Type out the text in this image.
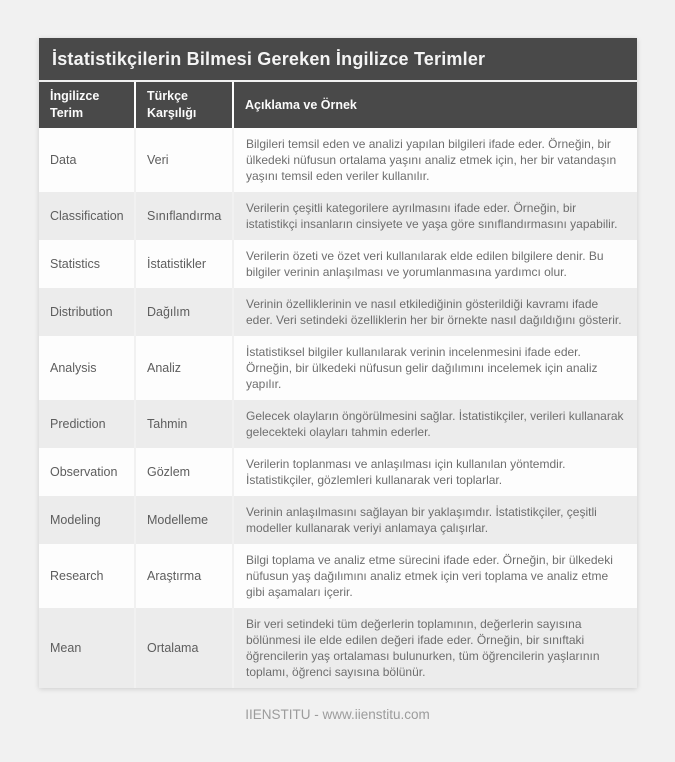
İstatistikçilerin Bilmesi Gereken İngilizce Terimler
İngilizce Terim	Türkçe Karşılığı	Açıklama ve Örnek
Data	Veri	Bilgileri temsil eden ve analizi yapılan bilgileri ifade eder. Örneğin, bir ülkedeki nüfusun ortalama yaşını analiz etmek için, her bir vatandaşın yaşını temsil eden veriler kullanılır.
Classification	Sınıflandırma	Verilerin çeşitli kategorilere ayrılmasını ifade eder. Örneğin, bir istatistikçi insanların cinsiyete ve yaşa göre sınıflandırmasını yapabilir.
Statistics	İstatistikler	Verilerin özeti ve özet veri kullanılarak elde edilen bilgilere denir. Bu bilgiler verinin anlaşılması ve yorumlanmasına yardımcı olur.
Distribution	Dağılım	Verinin özelliklerinin ve nasıl etkilediğinin gösterildiği kavramı ifade eder. Veri setindeki özelliklerin her bir örnekte nasıl dağıldığını gösterir.
Analysis	Analiz	İstatistiksel bilgiler kullanılarak verinin incelenmesini ifade eder. Örneğin, bir ülkedeki nüfusun gelir dağılımını incelemek için analiz yapılır.
Prediction	Tahmin	Gelecek olayların öngörülmesini sağlar. İstatistikçiler, verileri kullanarak gelecekteki olayları tahmin ederler.
Observation	Gözlem	Verilerin toplanması ve anlaşılması için kullanılan yöntemdir. İstatistikçiler, gözlemleri kullanarak veri toplarlar.
Modeling	Modelleme	Verinin anlaşılmasını sağlayan bir yaklaşımdır. İstatistikçiler, çeşitli modeller kullanarak veriyi anlamaya çalışırlar.
Research	Araştırma	Bilgi toplama ve analiz etme sürecini ifade eder. Örneğin, bir ülkedeki nüfusun yaş dağılımını analiz etmek için veri toplama ve analiz etme gibi aşamaları içerir.
Mean	Ortalama	Bir veri setindeki tüm değerlerin toplamının, değerlerin sayısına bölünmesi ile elde edilen değeri ifade eder. Örneğin, bir sınıftaki öğrencilerin yaş ortalaması bulunurken, tüm öğrencilerin yaşlarının toplamı, öğrenci sayısına bölünür.
IIENSTITU - www.iienstitu.com
